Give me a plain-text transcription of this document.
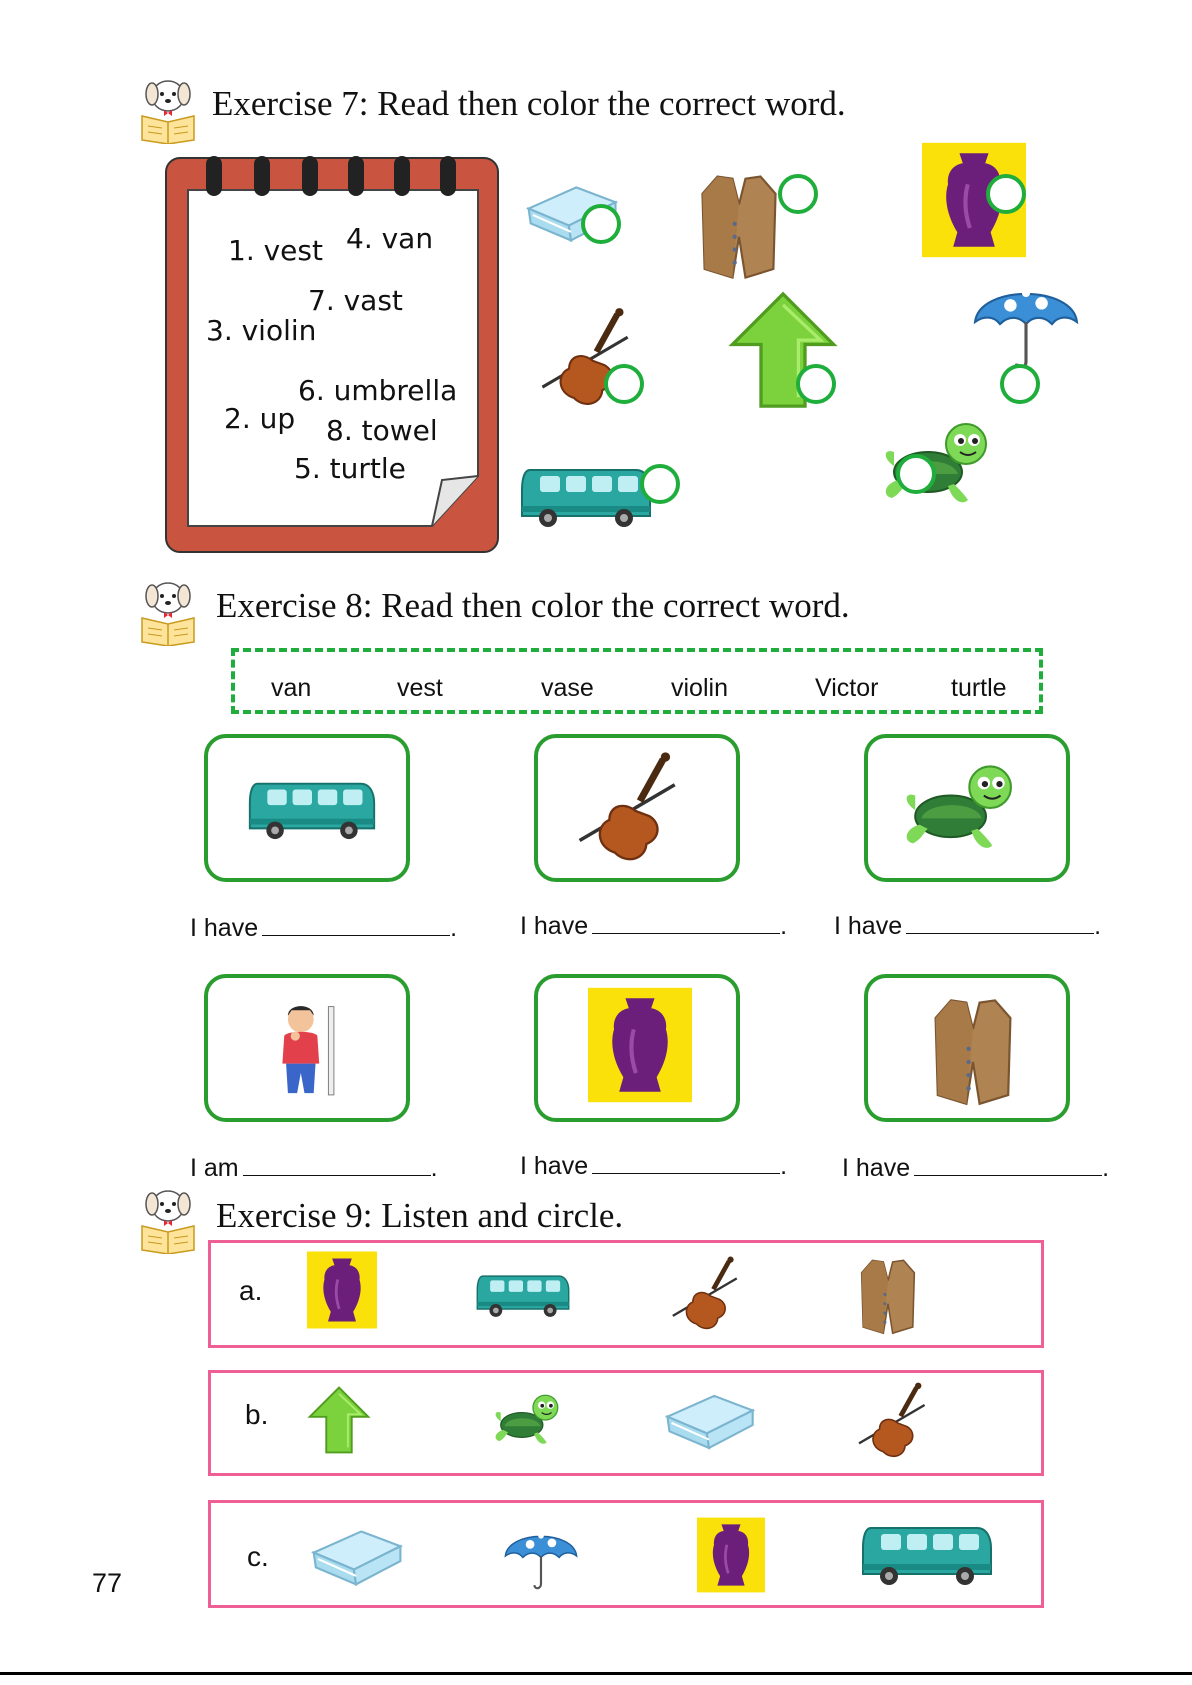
Exercise 7: Read then color the correct word.
1. vest 4. van
7. vast
3. violin
6. umbrella
2. up 8. towel
5. turtle
Exercise 8: Read then color the correct word.
van	vest	vase	violin	Victor	turtle
I have	.	I have	. I have	.
I am	.	I have	. I have	.
Exercise 9: Listen and circle.
a.
b.
c.
77
